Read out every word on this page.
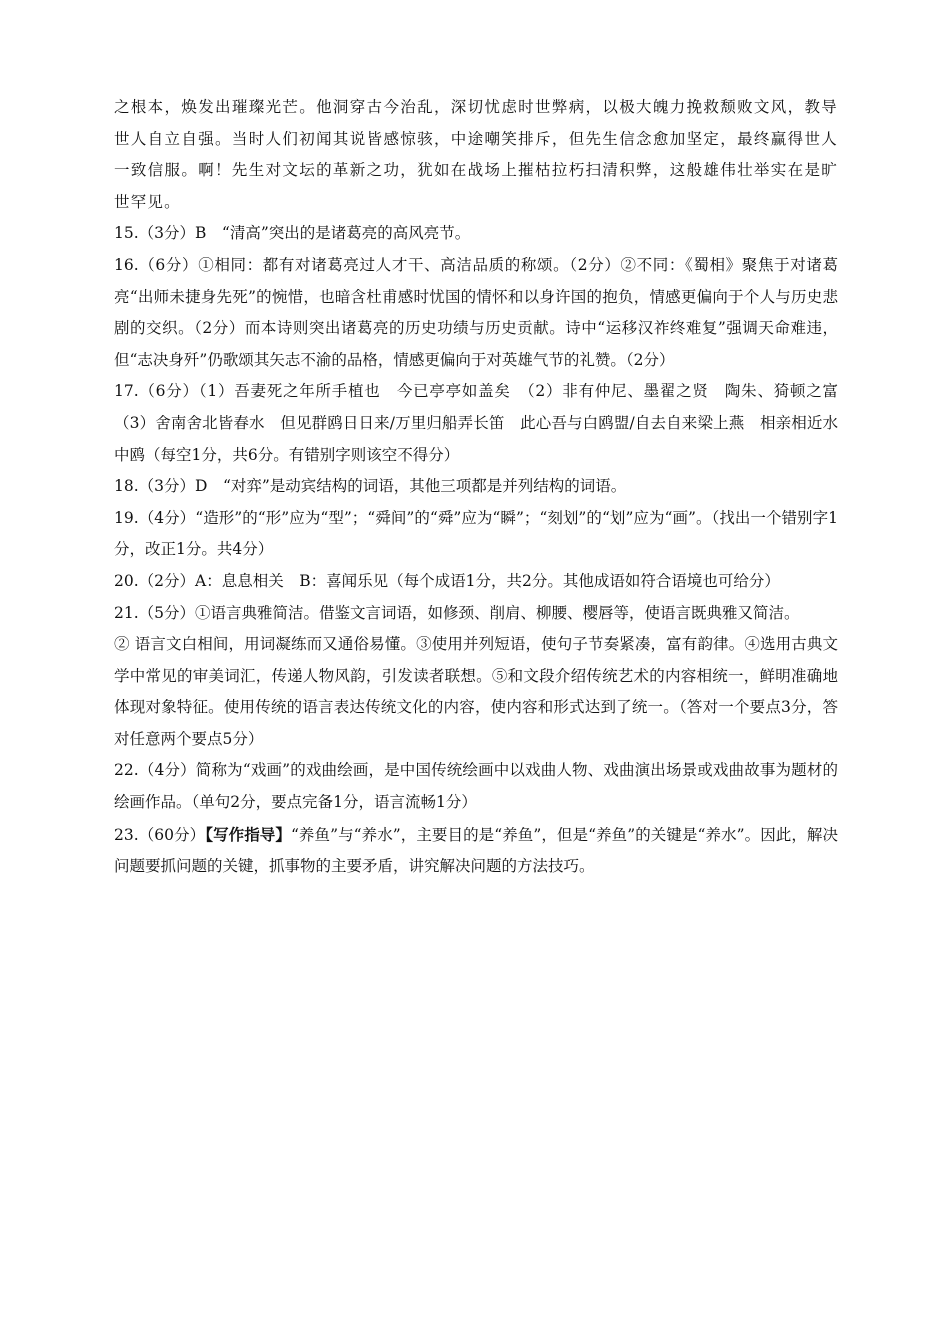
之根本，焕发出璀璨光芒。他洞穿古今治乱，深切忧虑时世弊病，以极大魄力挽救颓败文风，教导世人自立自强。当时人们初闻其说皆感惊骇，中途嘲笑排斥，但先生信念愈加坚定，最终赢得世人一致信服。啊！先生对文坛的革新之功，犹如在战场上摧枯拉朽扫清积弊，这般雄伟壮举实在是旷世罕见。

15.（3分）B　“清高”突出的是诸葛亮的高风亮节。

16.（6分）①相同：都有对诸葛亮过人才干、高洁品质的称颂。（2分）②不同：《蜀相》聚焦于对诸葛亮“出师未捷身先死”的惋惜，也暗含杜甫感时忧国的情怀和以身许国的抱负，情感更偏向于个人与历史悲剧的交织。（2分）而本诗则突出诸葛亮的历史功绩与历史贡献。诗中“运移汉祚终难复”强调天命难违，但“志决身歼”仍歌颂其矢志不渝的品格，情感更偏向于对英雄气节的礼赞。（2分）

17.（6分）（1）吾妻死之年所手植也　今已亭亭如盖矣　（2）非有仲尼、墨翟之贤　陶朱、猗顿之富　（3）舍南舍北皆春水　但见群鸥日日来/万里归船弄长笛　此心吾与白鸥盟/自去自来梁上燕　相亲相近水中鸥（每空1分，共6分。有错别字则该空不得分）

18.（3分）D　“对弈”是动宾结构的词语，其他三项都是并列结构的词语。

19.（4分）“造形”的“形”应为“型”；“舜间”的“舜”应为“瞬”；“刻划”的“划”应为“画”。（找出一个错别字1分，改正1分。共4分）

20.（2分）A：息息相关　B：喜闻乐见（每个成语1分，共2分。其他成语如符合语境也可给分）

21.（5分）①语言典雅简洁。借鉴文言词语，如修颈、削肩、柳腰、樱唇等，使语言既典雅又简洁。

② 语言文白相间，用词凝练而又通俗易懂。③使用并列短语，使句子节奏紧凑，富有韵律。④选用古典文学中常见的审美词汇，传递人物风韵，引发读者联想。⑤和文段介绍传统艺术的内容相统一，鲜明准确地体现对象特征。使用传统的语言表达传统文化的内容，使内容和形式达到了统一。（答对一个要点3分，答对任意两个要点5分）

22.（4分）简称为“戏画”的戏曲绘画，是中国传统绘画中以戏曲人物、戏曲演出场景或戏曲故事为题材的绘画作品。（单句2分，要点完备1分，语言流畅1分）

23.（60分）【写作指导】“养鱼”与“养水”，主要目的是“养鱼”，但是“养鱼”的关键是“养水”。因此，解决问题要抓问题的关键，抓事物的主要矛盾，讲究解决问题的方法技巧。
